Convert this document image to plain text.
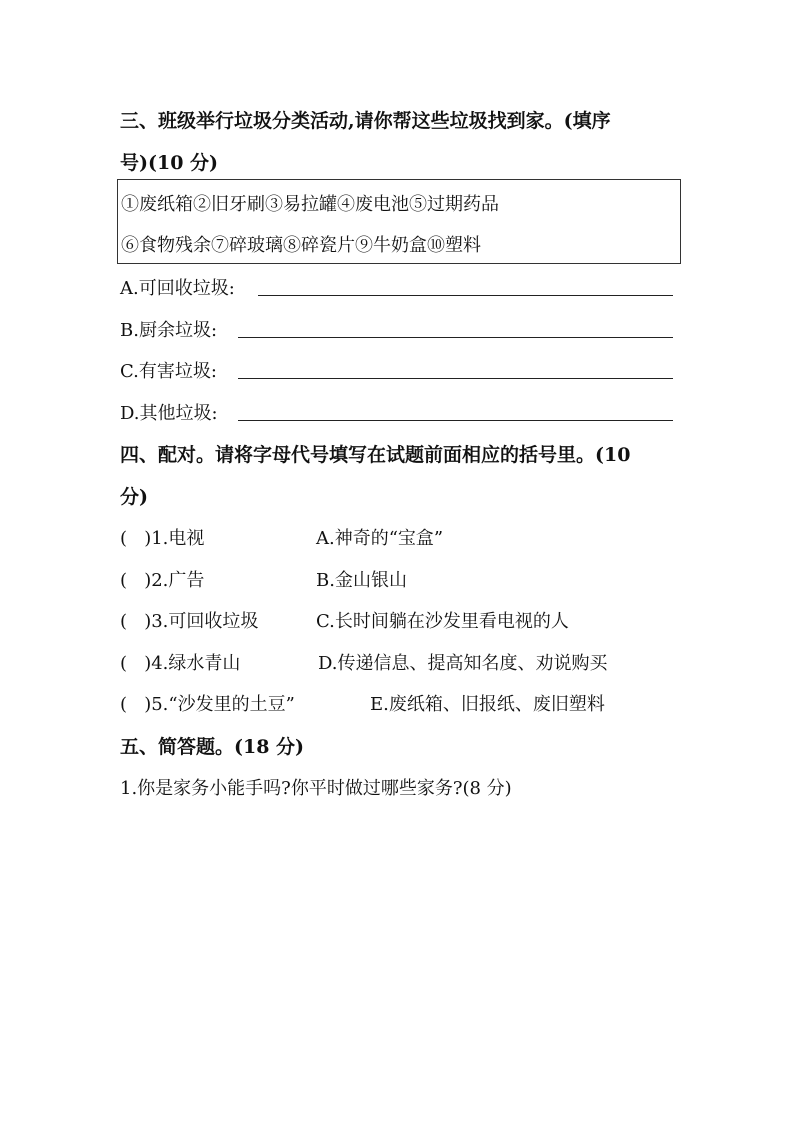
三、班级举行垃圾分类活动,请你帮这些垃圾找到家。(填序
号)(10 分)
①废纸箱②旧牙刷③易拉罐④废电池⑤过期药品
⑥食物残余⑦碎玻璃⑧碎瓷片⑨牛奶盒⑩塑料
A.可回收垃圾:
B.厨余垃圾:
C.有害垃圾:
D.其他垃圾:
四、配对。请将字母代号填写在试题前面相应的括号里。(10
分)
(   )1.电视	A.神奇的“宝盒”
(   )2.广告	B.金山银山
(   )3.可回收垃圾	C.长时间躺在沙发里看电视的人
(   )4.绿水青山	D.传递信息、提高知名度、劝说购买
(   )5.“沙发里的土豆”	E.废纸箱、旧报纸、废旧塑料
五、简答题。(18 分)
1.你是家务小能手吗?你平时做过哪些家务?(8 分)
